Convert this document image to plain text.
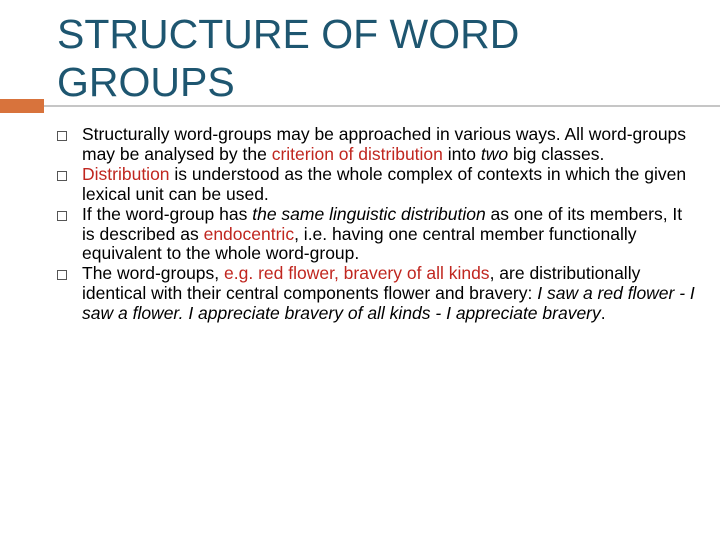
STRUCTURE OF WORD GROUPS
Structurally word-groups may be approached in various ways. All word-groups may be analysed by the criterion of distribution into two big classes.
Distribution is understood as the whole complex of contexts in which the given lexical unit can be used.
If the word-group has the same linguistic distribution as one of its members, It is described as endocentric, i.e. having one central member functionally equivalent to the whole word-group.
The word-groups, e.g. red flower, bravery of all kinds, are distributionally identical with their central components flower and bravery: I saw a red flower - I saw a flower. I appreciate bravery of all kinds - I appreciate bravery.
